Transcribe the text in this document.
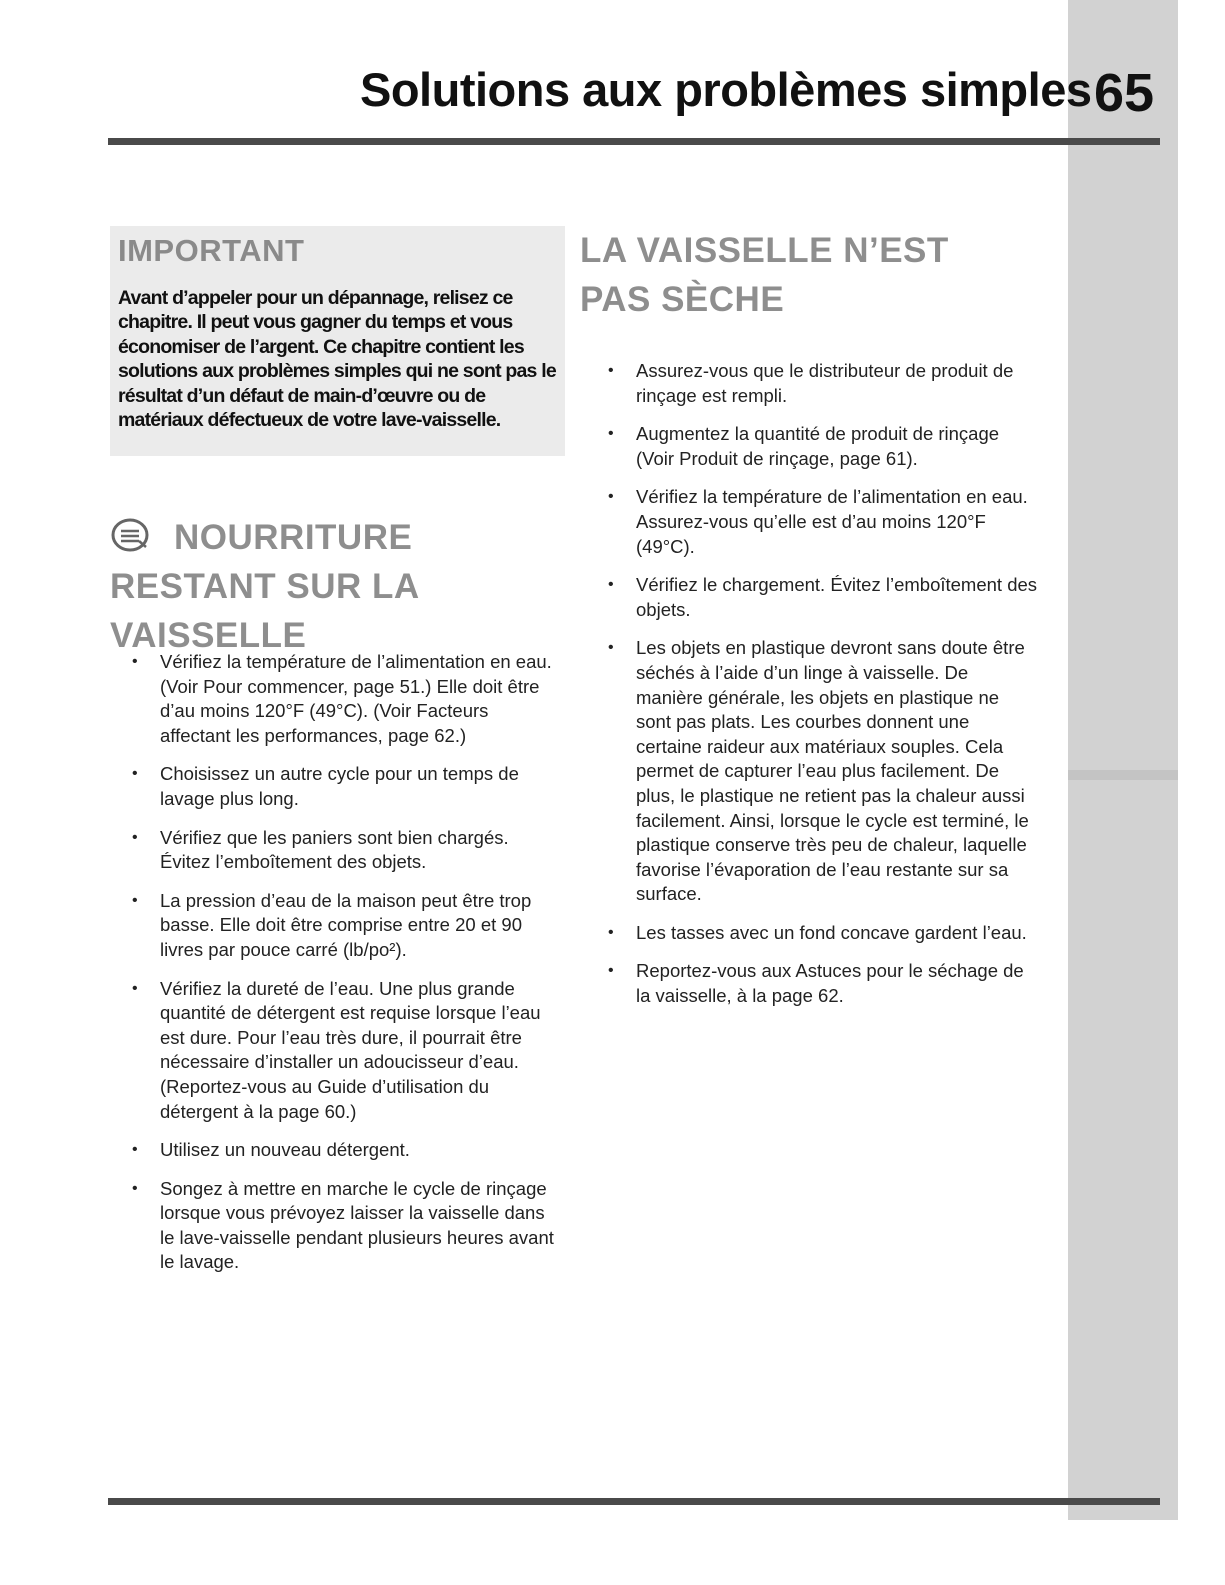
Solutions aux problèmes simples 65
IMPORTANT
Avant d’appeler pour un dépannage, relisez ce chapitre. Il peut vous gagner du temps et vous économiser de l’argent. Ce chapitre contient les solutions aux problèmes simples qui ne sont pas le résultat d’un défaut de main-d’œuvre ou de matériaux défectueux de votre lave-vaisselle.
NOURRITURE RESTANT SUR LA VAISSELLE
• Vérifiez la température de l’alimentation en eau. (Voir Pour commencer, page 51.) Elle doit être d’au moins 120°F (49°C). (Voir Facteurs affectant les performances, page 62.)
• Choisissez un autre cycle pour un temps de lavage plus long.
• Vérifiez que les paniers sont bien chargés. Évitez l’emboîtement des objets.
• La pression d’eau de la maison peut être trop basse. Elle doit être comprise entre 20 et 90 livres par pouce carré (lb/po²).
• Vérifiez la dureté de l’eau. Une plus grande quantité de détergent est requise lorsque l’eau est dure. Pour l’eau très dure, il pourrait être nécessaire d’installer un adoucisseur d’eau. (Reportez-vous au Guide d’utilisation du détergent à la page 60.)
• Utilisez un nouveau détergent.
• Songez à mettre en marche le cycle de rinçage lorsque vous prévoyez laisser la vaisselle dans le lave-vaisselle pendant plusieurs heures avant le lavage.
LA VAISSELLE N’EST PAS SÈCHE
• Assurez-vous que le distributeur de produit de rinçage est rempli.
• Augmentez la quantité de produit de rinçage (Voir Produit de rinçage, page 61).
• Vérifiez la température de l’alimentation en eau. Assurez-vous qu’elle est d’au moins 120°F (49°C).
• Vérifiez le chargement. Évitez l’emboîtement des objets.
• Les objets en plastique devront sans doute être séchés à l’aide d’un linge à vaisselle. De manière générale, les objets en plastique ne sont pas plats. Les courbes donnent une certaine raideur aux matériaux souples. Cela permet de capturer l’eau plus facilement. De plus, le plastique ne retient pas la chaleur aussi facilement. Ainsi, lorsque le cycle est terminé, le plastique conserve très peu de chaleur, laquelle favorise l’évaporation de l’eau restante sur sa surface.
• Les tasses avec un fond concave gardent l’eau.
• Reportez-vous aux Astuces pour le séchage de la vaisselle, à la page 62.
